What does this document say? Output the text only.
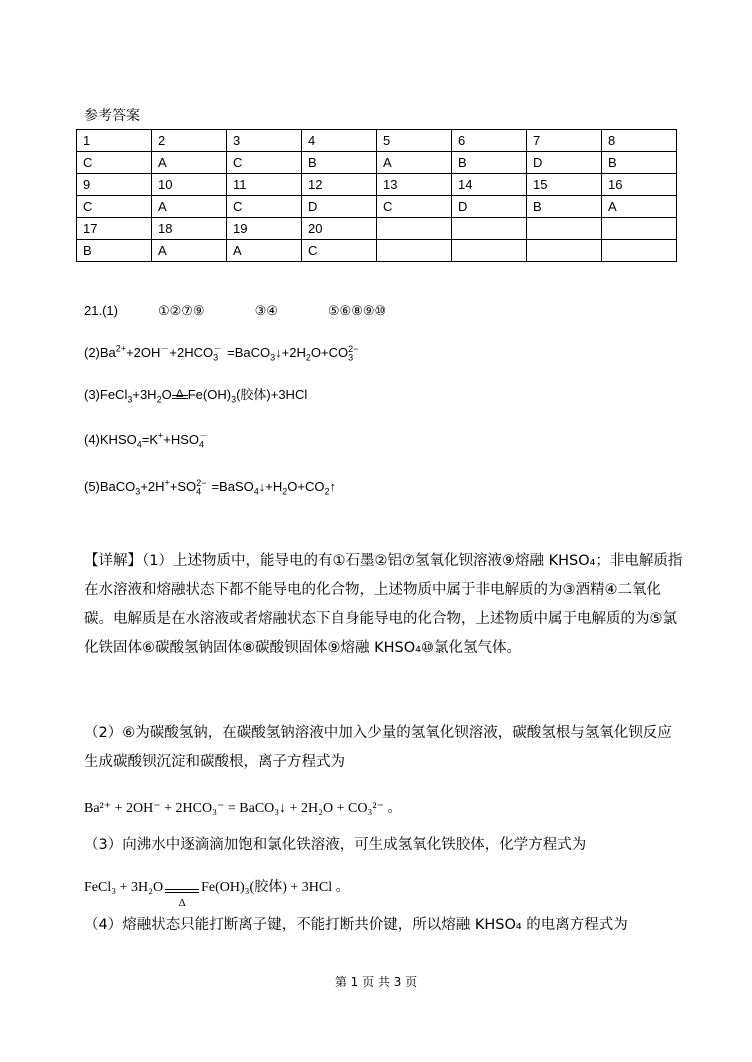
参考答案
1	2	3	4	5	6	7	8
C	A	C	B	A	B	D	B
9	10	11	12	13	14	15	16
C	A	C	D	C	D	B	A
17	18	19	20				
B	A	A	C				
21.(1)	①②⑦⑨	③④	⑤⑥⑧⑨⑩
$(2)Ba^{2+}+2OH^-+2HCO_3^-$ $=BaCO_3↓+2H_2O+CO_3^{2-}$
$(3)FeCl_3+3H_2O$ Δ $Fe(OH)_3$(胶体)+3HCl
$(4)KHSO_4=K^++HSO_4^-$
$(5)BaCO_3+2H^++SO_4^{2-}$ $=BaSO_4↓+H_2O+CO_2↑$
【详解】（1）上述物质中，能导电的有①石墨②铝⑦氢氧化钡溶液⑨熔融 KHSO₄；非电解质指在水溶液和熔融状态下都不能导电的化合物，上述物质中属于非电解质的为③酒精④二氧化碳。电解质是在水溶液或者熔融状态下自身能导电的化合物，上述物质中属于电解质的为⑤氯化铁固体⑥碳酸氢钠固体⑧碳酸钡固体⑨熔融 KHSO₄⑩氯化氢气体。
（2）⑥为碳酸氢钠，在碳酸氢钠溶液中加入少量的氢氧化钡溶液，碳酸氢根与氢氧化钡反应生成碳酸钡沉淀和碳酸根，离子方程式为
Ba²⁺ + 2OH⁻ + 2HCO₃⁻ = BaCO₃↓ + 2H₂O + CO₃²⁻ 。
（3）向沸水中逐滴滴加饱和氯化铁溶液，可生成氢氧化铁胶体，化学方程式为
FeCl₃ + 3H₂O
Δ
Fe(OH)₃(胶体) + 3HCl 。
（4）熔融状态只能打断离子键，不能打断共价键，所以熔融 KHSO₄ 的电离方程式为
第 1 页 共 3 页
